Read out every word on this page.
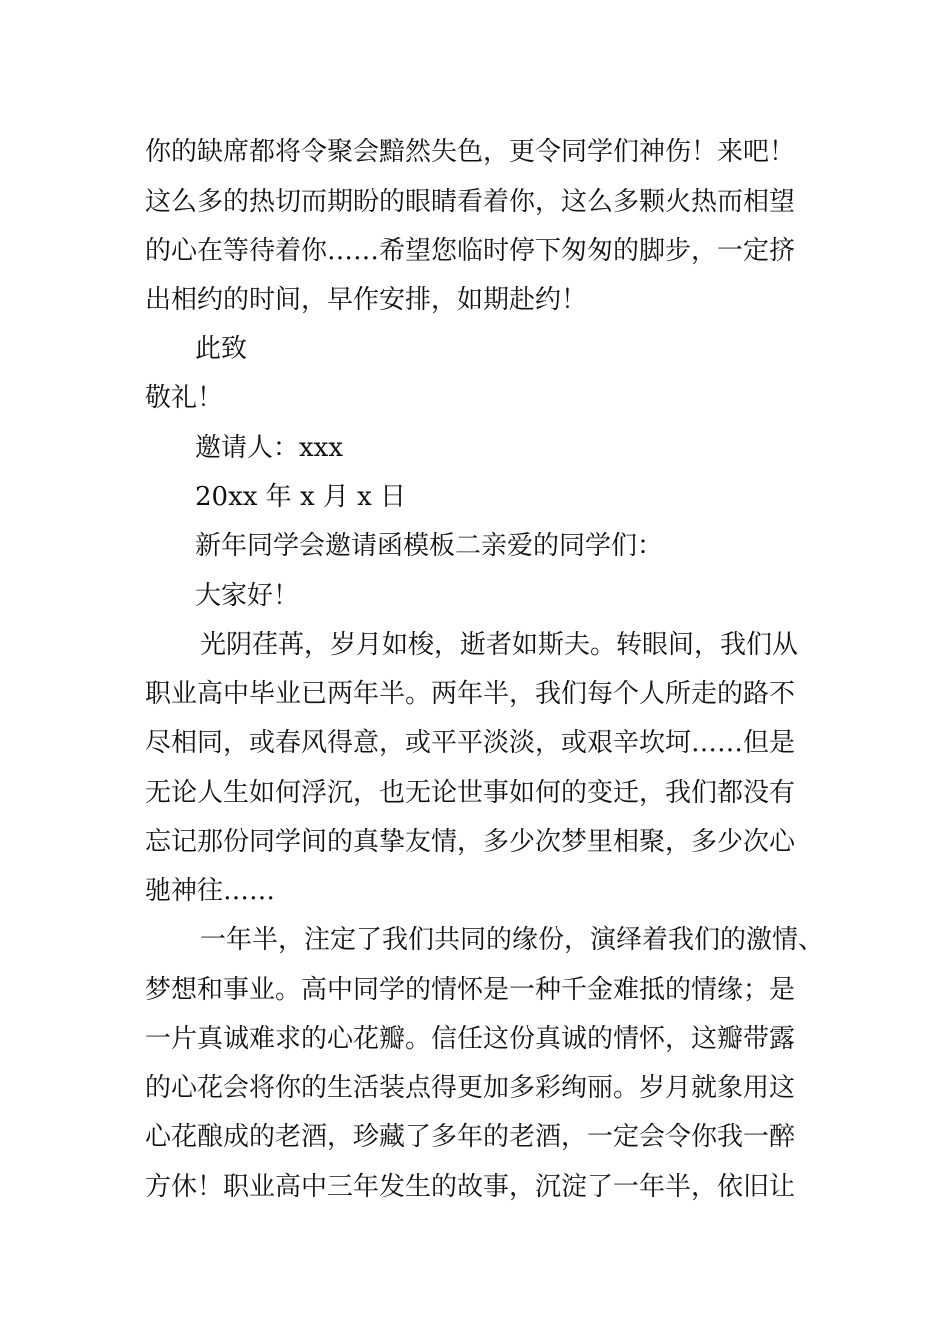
你的缺席都将令聚会黯然失色，更令同学们神伤！来吧！
这么多的热切而期盼的眼睛看着你，这么多颗火热而相望
的心在等待着你……希望您临时停下匆匆的脚步，一定挤
出相约的时间，早作安排，如期赴约！
此致
敬礼！
邀请人：xxx
20xx 年 x 月 x 日
新年同学会邀请函模板二亲爱的同学们：
大家好！
光阴荏苒，岁月如梭，逝者如斯夫。转眼间，我们从
职业高中毕业已两年半。两年半，我们每个人所走的路不
尽相同，或春风得意，或平平淡淡，或艰辛坎坷……但是
无论人生如何浮沉，也无论世事如何的变迁，我们都没有
忘记那份同学间的真挚友情，多少次梦里相聚，多少次心
驰神往……
一年半，注定了我们共同的缘份，演绎着我们的激情、
梦想和事业。高中同学的情怀是一种千金难抵的情缘；是
一片真诚难求的心花瓣。信任这份真诚的情怀，这瓣带露
的心花会将你的生活装点得更加多彩绚丽。岁月就象用这
心花酿成的老酒，珍藏了多年的老酒，一定会令你我一醉
方休！职业高中三年发生的故事，沉淀了一年半，依旧让
